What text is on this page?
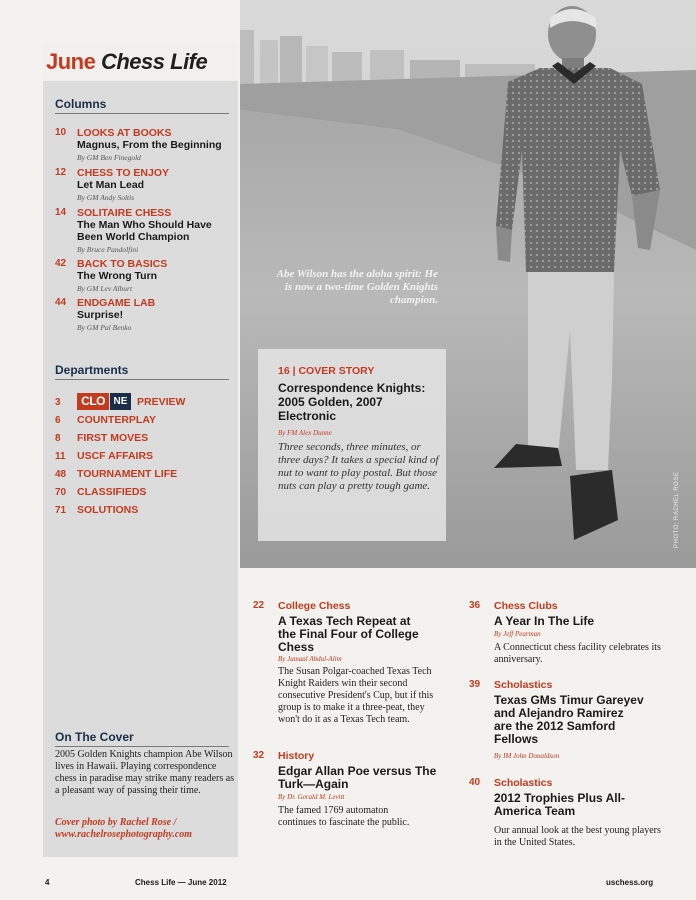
Abe Wilson has the aloha spirit: He is now a two-time Golden Knights champion.
PHOTO: RACHEL ROSE
16 | COVER STORY
Correspondence Knights: 2005 Golden, 2007 Electronic
By FM Alex Dunne
Three seconds, three minutes, or three days? It takes a special kind of nut to want to play postal. But those nuts can play a pretty tough game.
June Chess Life
Columns
10 LOOKS AT BOOKS
Magnus, From the Beginning
By GM Ben Finegold
12 CHESS TO ENJOY
Let Man Lead
By GM Andy Soltis
14 SOLITAIRE CHESS
The Man Who Should Have Been World Champion
By Bruce Pandolfini
42 BACK TO BASICS
The Wrong Turn
By GM Lev Alburt
44 ENDGAME LAB
Surprise!
By GM Pal Benko
Departments
3	CLO NE PREVIEW
6 COUNTERPLAY
8 FIRST MOVES
11 USCF AFFAIRS
48 TOURNAMENT LIFE
70 CLASSIFIEDS
71 SOLUTIONS
On The Cover
2005 Golden Knights champion Abe Wilson lives in Hawaii. Playing correspondence chess in paradise may strike many readers as a pleasant way of passing their time.
Cover photo by Rachel Rose /
www.rachelrosephotography.com
22 College Chess
A Texas Tech Repeat at the Final Four of College Chess
By Jamaal Abdul-Alim
The Susan Polgar-coached Texas Tech Knight Raiders win their second consecutive President's Cup, but if this group is to make it a three-peat, they won't do it as a Texas Tech team.
32 History
Edgar Allan Poe versus The Turk—Again
By Dr. Gerald M. Levitt
The famed 1769 automaton continues to fascinate the public.
36 Chess Clubs
A Year In The Life
By Jeff Pearman
A Connecticut chess facility celebrates its anniversary.
39 Scholastics
Texas GMs Timur Gareyev and Alejandro Ramirez are the 2012 Samford Fellows
By IM John Donaldson
40 Scholastics
2012 Trophies Plus All-America Team
Our annual look at the best young players in the United States.
4	Chess Life — June 2012	uschess.org
